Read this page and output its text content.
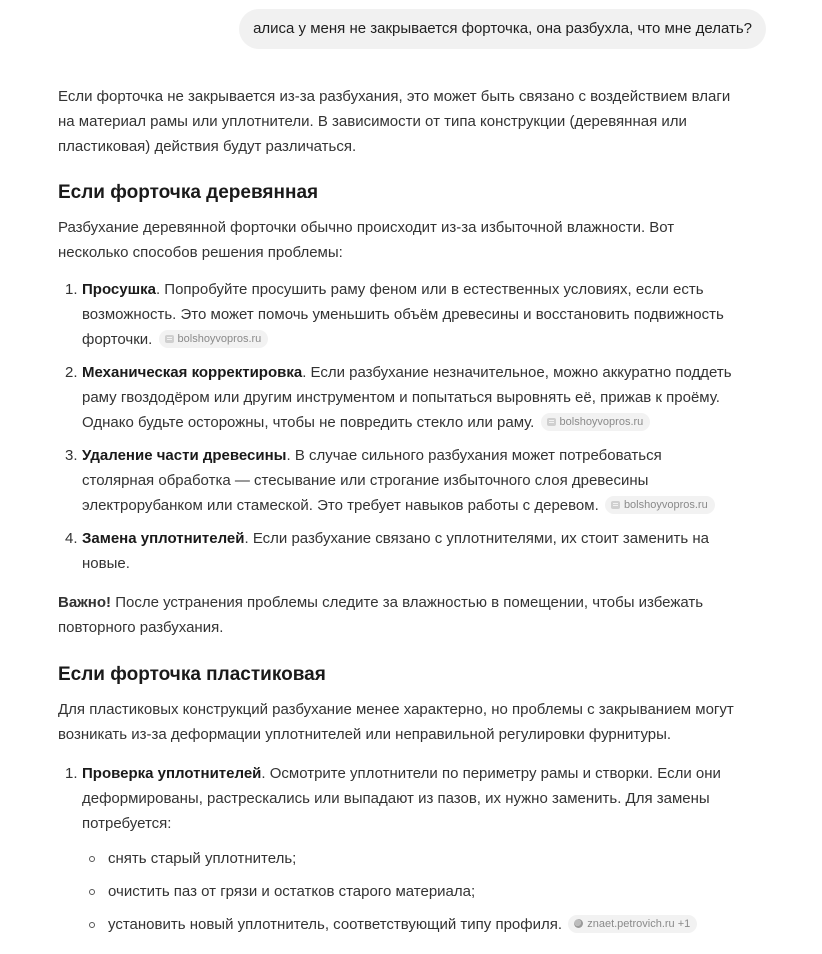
алиса у меня не закрывается форточка, она разбухла, что мне делать?

Если форточка не закрывается из-за разбухания, это может быть связано с воздействием влаги на материал рамы или уплотнители. В зависимости от типа конструкции (деревянная или пластиковая) действия будут различаться.

Если форточка деревянная

Разбухание деревянной форточки обычно происходит из-за избыточной влажности. Вот несколько способов решения проблемы:

1. Просушка. Попробуйте просушить раму феном или в естественных условиях, если есть возможность. Это может помочь уменьшить объём древесины и восстановить подвижность форточки. bolshoyvopros.ru
2. Механическая корректировка. Если разбухание незначительное, можно аккуратно поддеть раму гвоздодёром или другим инструментом и попытаться выровнять её, прижав к проёму. Однако будьте осторожны, чтобы не повредить стекло или раму. bolshoyvopros.ru
3. Удаление части древесины. В случае сильного разбухания может потребоваться столярная обработка — стесывание или строгание избыточного слоя древесины электрорубанком или стамеской. Это требует навыков работы с деревом. bolshoyvopros.ru
4. Замена уплотнителей. Если разбухание связано с уплотнителями, их стоит заменить на новые.

Важно! После устранения проблемы следите за влажностью в помещении, чтобы избежать повторного разбухания.

Если форточка пластиковая

Для пластиковых конструкций разбухание менее характерно, но проблемы с закрыванием могут возникать из-за деформации уплотнителей или неправильной регулировки фурнитуры.

1. Проверка уплотнителей. Осмотрите уплотнители по периметру рамы и створки. Если они деформированы, растрескались или выпадают из пазов, их нужно заменить. Для замены потребуется:
снять старый уплотнитель;
очистить паз от грязи и остатков старого материала;
установить новый уплотнитель, соответствующий типу профиля. znaet.petrovich.ru +1
